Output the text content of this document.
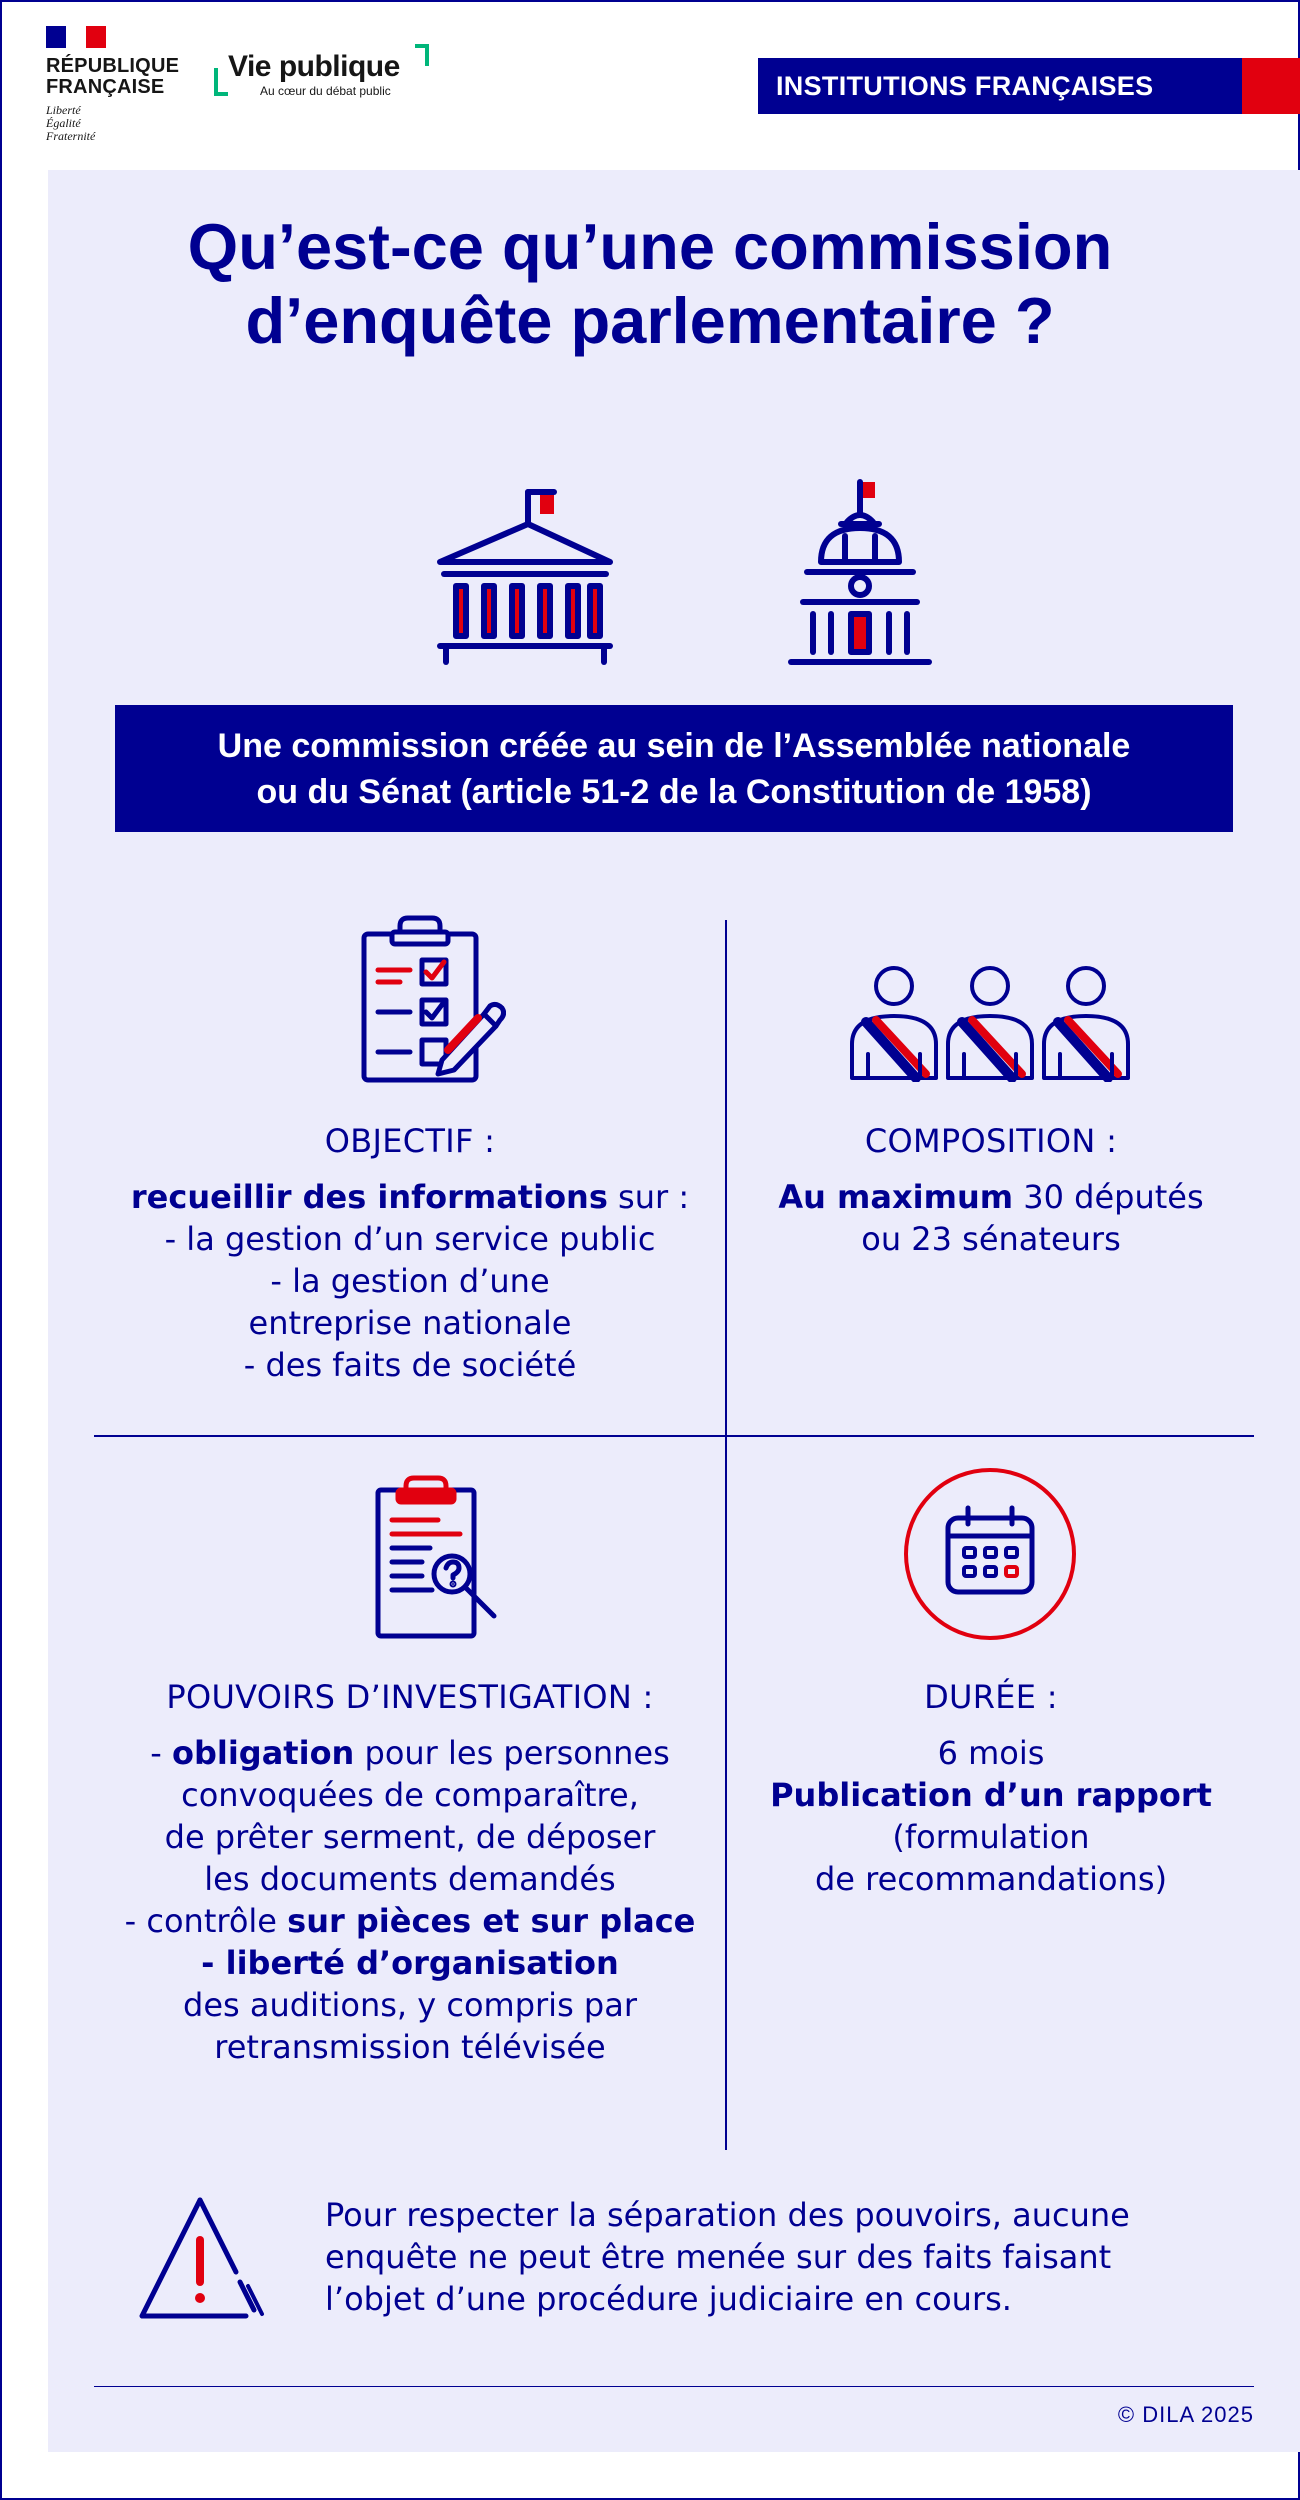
RÉPUBLIQUE
FRANÇAISE
Liberté
Égalité
Fraternité
Vie publique
Au cœur du débat public	INSTITUTIONS FRANÇAISES
Qu’est-ce qu’une commission
d’enquête parlementaire ?
Une commission créée au sein de l’Assemblée nationale
ou du Sénat (article 51-2 de la Constitution de 1958)
OBJECTIF :
recueillir des informations sur :
- la gestion d’un service public
- la gestion d’une
entreprise nationale
- des faits de société
COMPOSITION :
Au maximum 30 députés
ou 23 sénateurs
POUVOIRS D’INVESTIGATION :
- obligation pour les personnes
convoquées de comparaître,
de prêter serment, de déposer
les documents demandés
- contrôle sur pièces et sur place
- liberté d’organisation
des auditions, y compris par
retransmission télévisée
DURÉE :
6 mois
Publication d’un rapport
(formulation
de recommandations)
Pour respecter la séparation des pouvoirs, aucune
enquête ne peut être menée sur des faits faisant
l’objet d’une procédure judiciaire en cours.
© DILA 2025
